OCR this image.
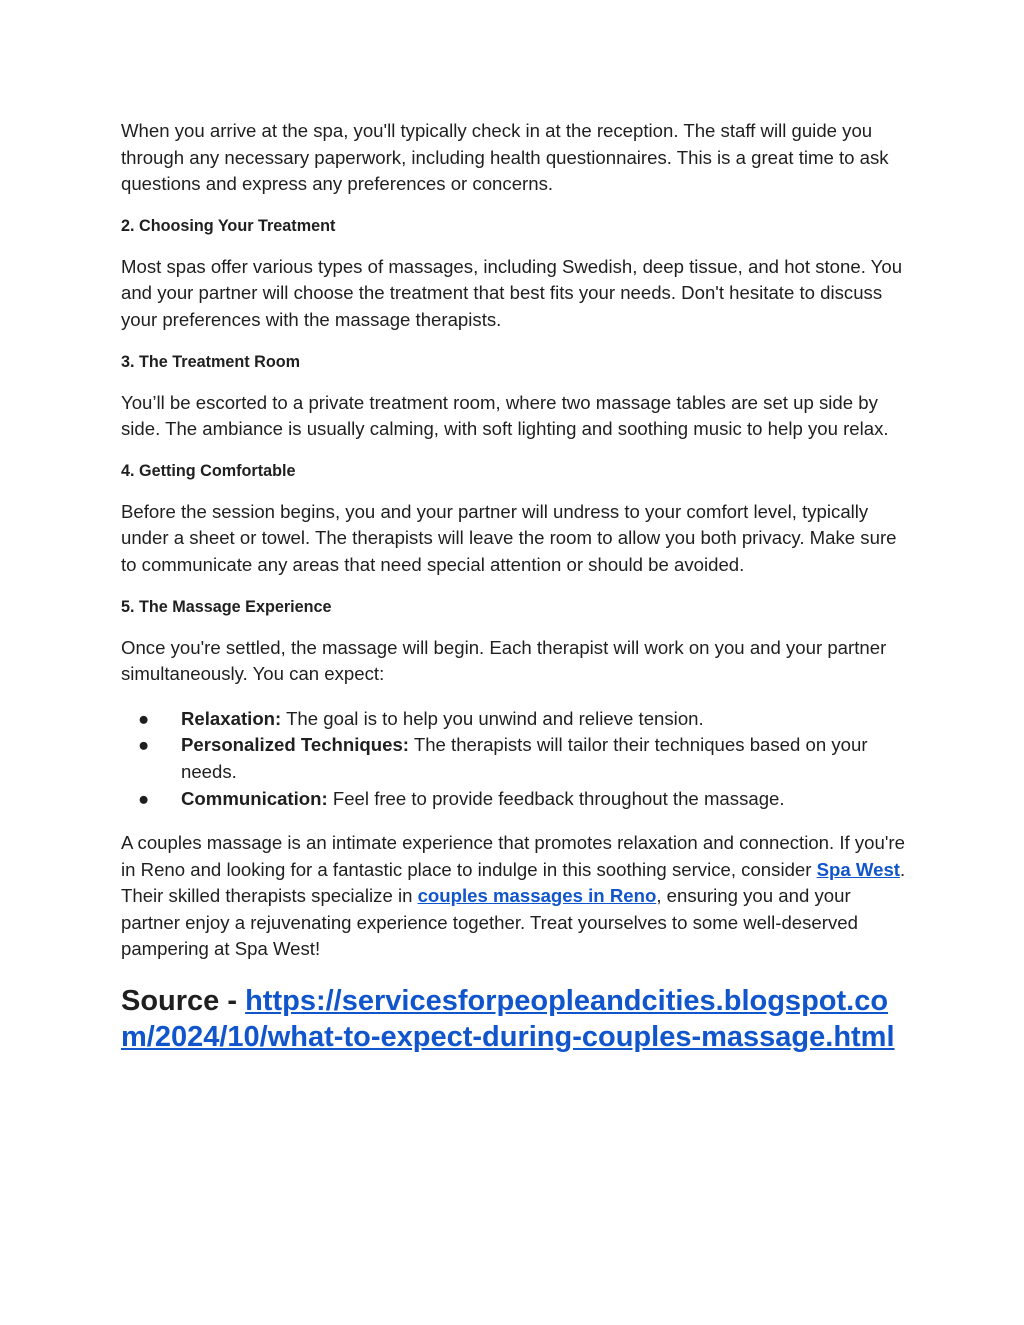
When you arrive at the spa, you'll typically check in at the reception. The staff will guide you through any necessary paperwork, including health questionnaires. This is a great time to ask questions and express any preferences or concerns.

2. Choosing Your Treatment

Most spas offer various types of massages, including Swedish, deep tissue, and hot stone. You and your partner will choose the treatment that best fits your needs. Don't hesitate to discuss your preferences with the massage therapists.

3. The Treatment Room

You’ll be escorted to a private treatment room, where two massage tables are set up side by side. The ambiance is usually calming, with soft lighting and soothing music to help you relax.

4. Getting Comfortable

Before the session begins, you and your partner will undress to your comfort level, typically under a sheet or towel. The therapists will leave the room to allow you both privacy. Make sure to communicate any areas that need special attention or should be avoided.

5. The Massage Experience

Once you're settled, the massage will begin. Each therapist will work on you and your partner simultaneously. You can expect:

● Relaxation: The goal is to help you unwind and relieve tension.
● Personalized Techniques: The therapists will tailor their techniques based on your needs.
● Communication: Feel free to provide feedback throughout the massage.

A couples massage is an intimate experience that promotes relaxation and connection. If you're in Reno and looking for a fantastic place to indulge in this soothing service, consider Spa West. Their skilled therapists specialize in couples massages in Reno, ensuring you and your partner enjoy a rejuvenating experience together. Treat yourselves to some well-deserved pampering at Spa West!

Source - https://servicesforpeopleandcities.blogspot.com/2024/10/what-to-expect-during-couples-massage.html
